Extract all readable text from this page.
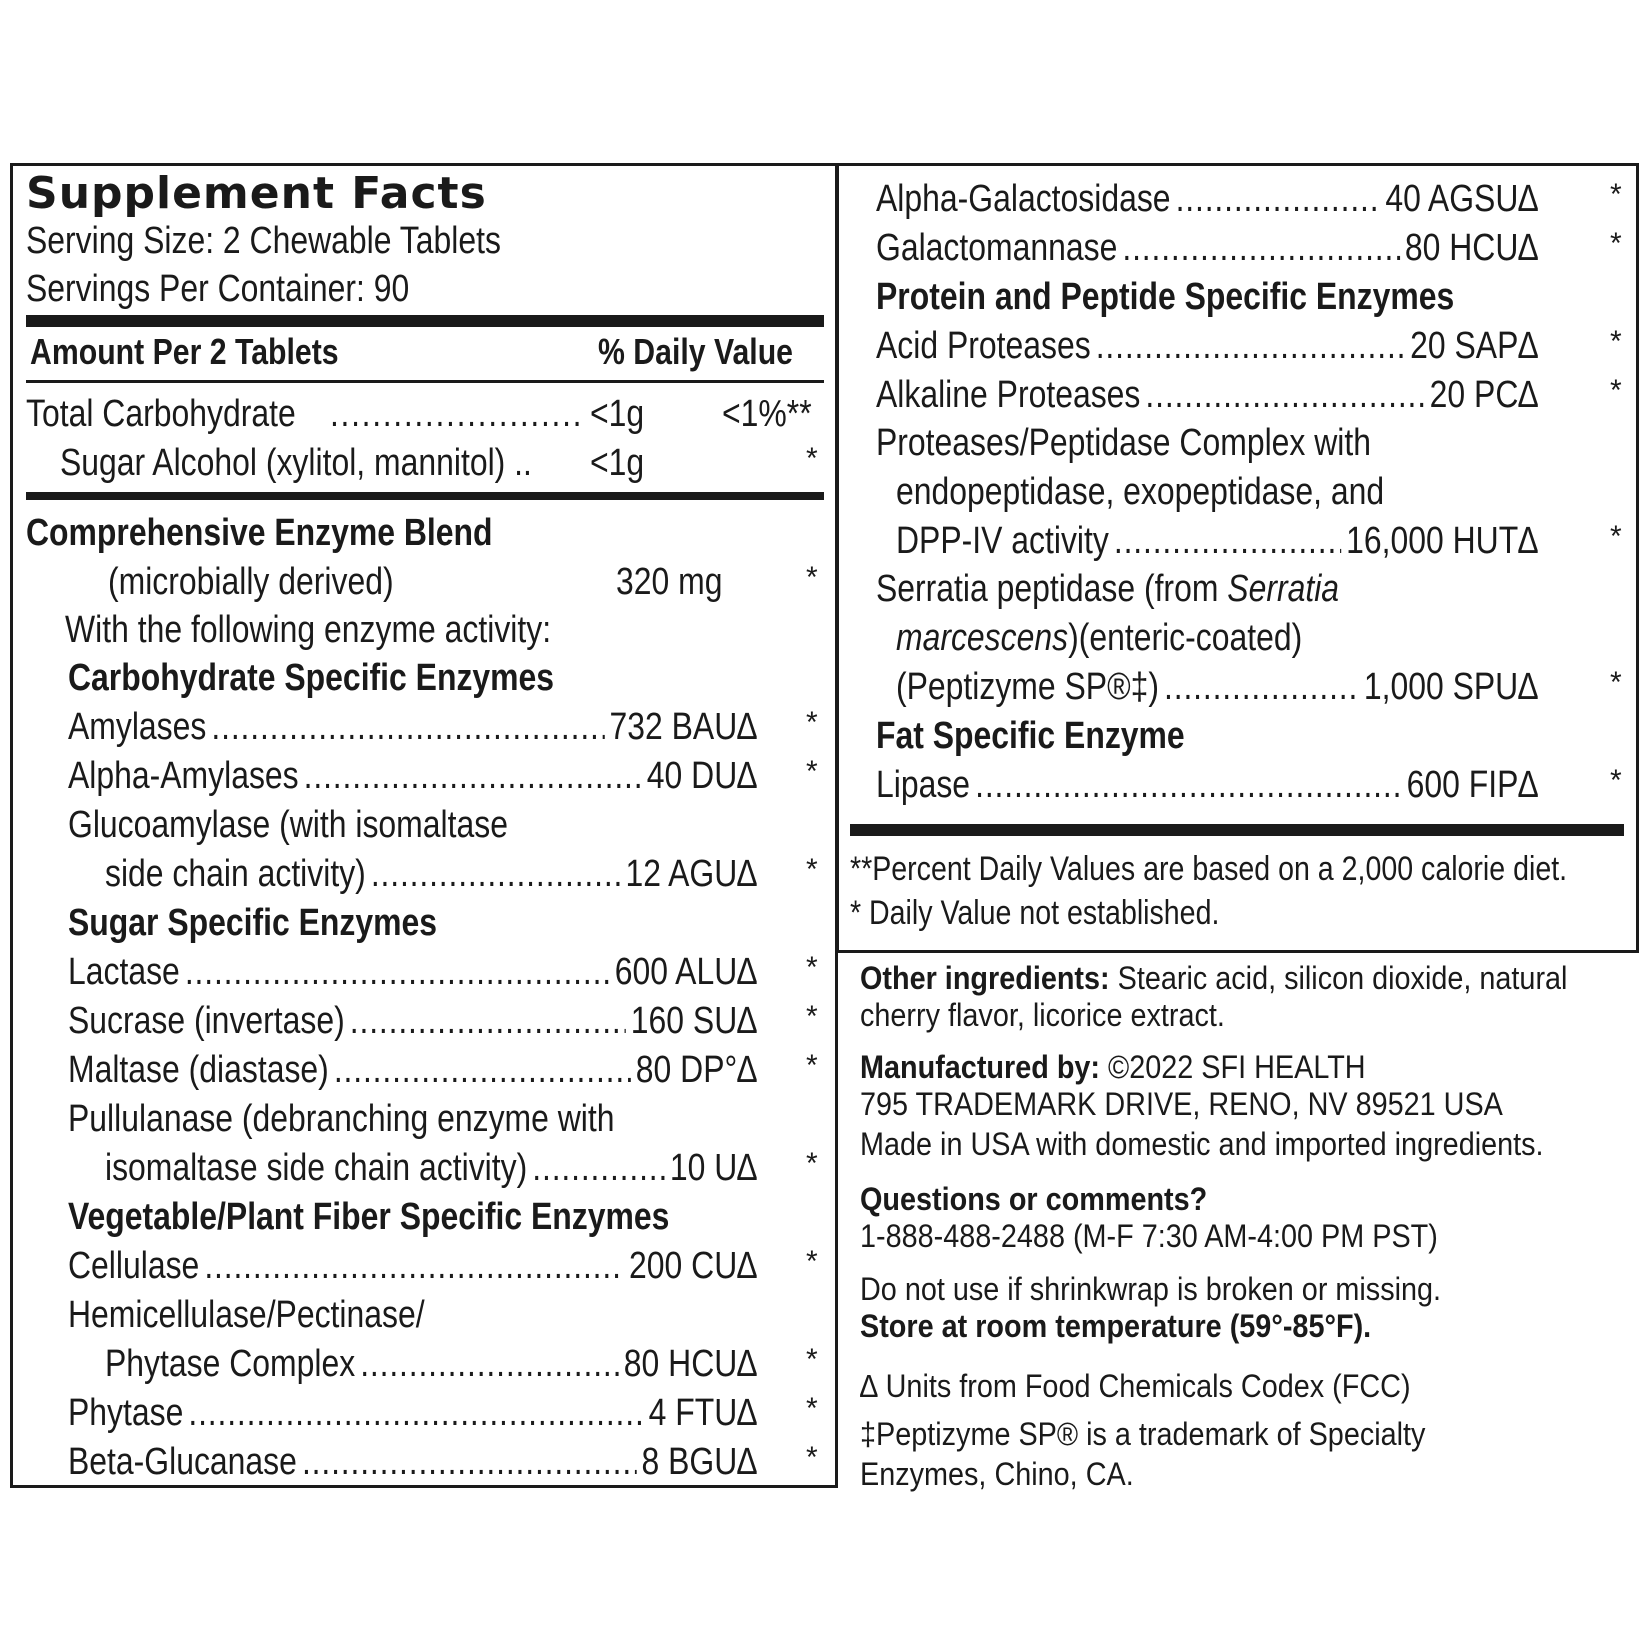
Supplement Facts
Serving Size: 2 Chewable Tablets
Servings Per Container: 90
Amount Per 2 Tablets	% Daily Value
Total Carbohydrate ........................ <1g <1%**
Sugar Alcohol (xylitol, mannitol) .. <1g	*
Comprehensive Enzyme Blend
(microbially derived)	320 mg	*
With the following enzyme activity:
Carbohydrate Specific Enzymes
Amylases .....	732 BAU∆ *
Alpha-Amylases .....	40 DU∆ *
Glucoamylase (with isomaltase
side chain activity) .....	12 AGU∆ *
Sugar Specific Enzymes
Lactase .....	600 ALU∆ *
Sucrase (invertase) .....	160 SU∆ *
Maltase (diastase) .....	80 DP°∆ *
Pullulanase (debranching enzyme with
isomaltase side chain activity) .....	10 U∆ *
Vegetable/Plant Fiber Specific Enzymes
Cellulase .....	200 CU∆ *
Hemicellulase/Pectinase/
Phytase Complex .....	80 HCU∆ *
Phytase .....	4 FTU∆ *
Beta-Glucanase .....	8 BGU∆ *
Alpha-Galactosidase .....	40 AGSU∆ *
Galactomannase .....	80 HCU∆ *
Protein and Peptide Specific Enzymes
Acid Proteases .....	20 SAP∆ *
Alkaline Proteases .....	20 PC∆ *
Proteases/Peptidase Complex with
endopeptidase, exopeptidase, and
DPP-IV activity .....	16,000 HUT∆ *
Serratia peptidase (from Serratia
marcescens)(enteric-coated)
(Peptizyme SP®‡) .....	1,000 SPU∆ *
Fat Specific Enzyme
Lipase .....	600 FIP∆ *
**Percent Daily Values are based on a 2,000 calorie diet.
* Daily Value not established.
Other ingredients: Stearic acid, silicon dioxide, natural
cherry flavor, licorice extract.
Manufactured by: ©2022 SFI HEALTH
795 TRADEMARK DRIVE, RENO, NV 89521 USA
Made in USA with domestic and imported ingredients.
Questions or comments?
1-888-488-2488 (M-F 7:30 AM-4:00 PM PST)
Do not use if shrinkwrap is broken or missing.
Store at room temperature (59°-85°F).
∆ Units from Food Chemicals Codex (FCC)
‡Peptizyme SP® is a trademark of Specialty
Enzymes, Chino, CA.
